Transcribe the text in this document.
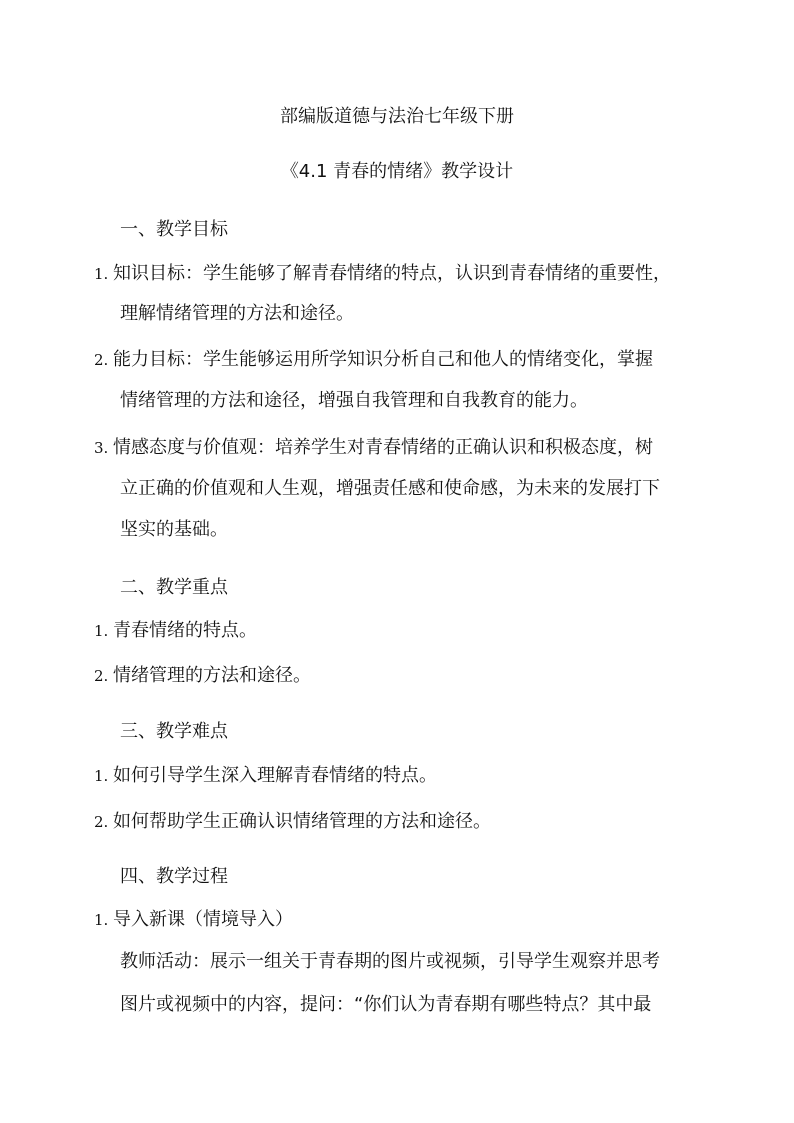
部编版道德与法治七年级下册
《4.1 青春的情绪》教学设计
一、教学目标
1. 知识目标：学生能够了解青春情绪的特点，认识到青春情绪的重要性，
理解情绪管理的方法和途径。
2. 能力目标：学生能够运用所学知识分析自己和他人的情绪变化，掌握
情绪管理的方法和途径，增强自我管理和自我教育的能力。
3. 情感态度与价值观：培养学生对青春情绪的正确认识和积极态度，树
立正确的价值观和人生观，增强责任感和使命感，为未来的发展打下
坚实的基础。
二、教学重点
1. 青春情绪的特点。
2. 情绪管理的方法和途径。
三、教学难点
1. 如何引导学生深入理解青春情绪的特点。
2. 如何帮助学生正确认识情绪管理的方法和途径。
四、教学过程
1. 导入新课（情境导入）
教师活动：展示一组关于青春期的图片或视频，引导学生观察并思考
图片或视频中的内容，提问：“你们认为青春期有哪些特点？其中最
